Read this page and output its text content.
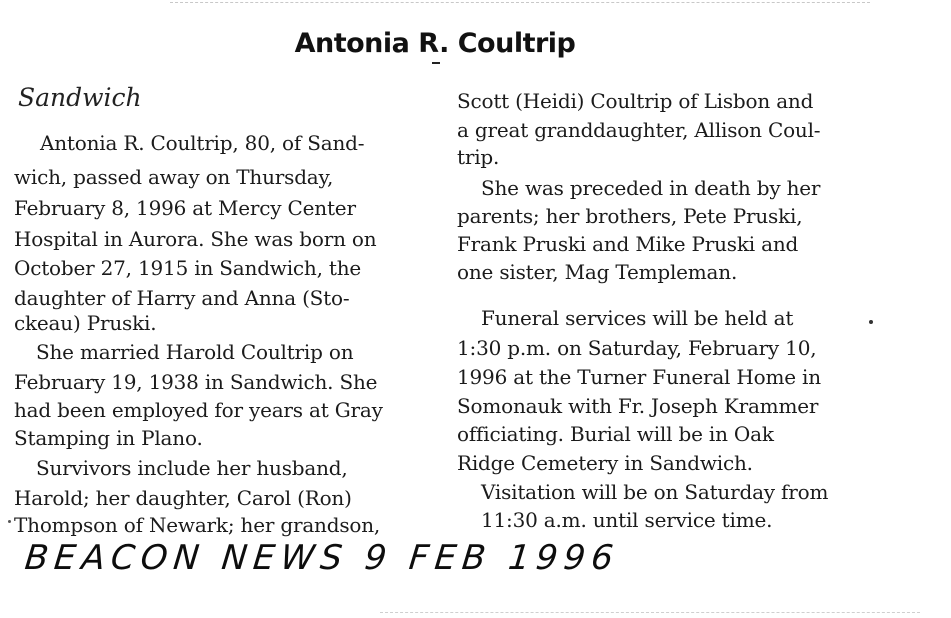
Antonia R. Coultrip
Sandwich
Antonia R. Coultrip, 80, of Sand-
wich, passed away on Thursday,
February 8, 1996 at Mercy Center
Hospital in Aurora. She was born on
October 27, 1915 in Sandwich, the
daughter of Harry and Anna (Sto-
ckeau) Pruski.
She married Harold Coultrip on
February 19, 1938 in Sandwich. She
had been employed for years at Gray
Stamping in Plano.
Survivors include her husband,
Harold; her daughter, Carol (Ron)
Thompson of Newark; her grandson,
Scott (Heidi) Coultrip of Lisbon and
a great granddaughter, Allison Coul-
trip.
She was preceded in death by her
parents; her brothers, Pete Pruski,
Frank Pruski and Mike Pruski and
one sister, Mag Templeman.
Funeral services will be held at
1:30 p.m. on Saturday, February 10,
1996 at the Turner Funeral Home in
Somonauk with Fr. Joseph Krammer
officiating. Burial will be in Oak
Ridge Cemetery in Sandwich.
Visitation will be on Saturday from
11:30 a.m. until service time.
BEACON NEWS 9 FEB 1996
